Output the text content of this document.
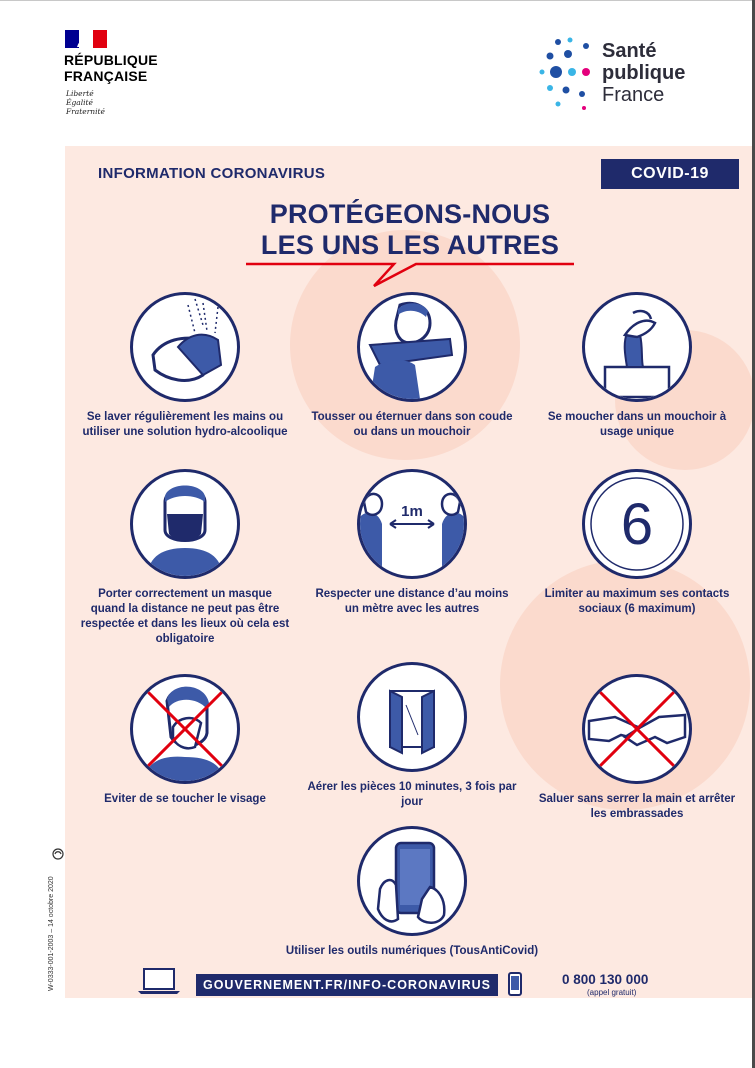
RÉPUBLIQUE
FRANÇAISE
Liberté
Égalité
Fraternité
Santé
publique
France
INFORMATION CORONAVIRUS	COVID-19
PROTÉGEONS-NOUS
LES UNS LES AUTRES
Se laver régulièrement les mains ou utiliser une solution hydro-alcoolique
Tousser ou éternuer dans son coude ou dans un mouchoir
Se moucher dans un mouchoir à usage unique
Porter correctement un masque quand la distance ne peut pas être respectée et dans les lieux où cela est obligatoire
1m
Respecter une distance d’au moins un mètre avec les autres
6
Limiter au maximum ses contacts sociaux (6 maximum)
Eviter de se toucher le visage
Aérer les pièces 10 minutes, 3 fois par jour	Saluer sans serrer la main et arrêter les embrassades
Utiliser les outils numériques (TousAntiCovid)
GOUVERNEMENT.FR/INFO-CORONAVIRUS	0 800 130 000
(appel gratuit)
W-0333-001-2003 – 14 octobre 2020
